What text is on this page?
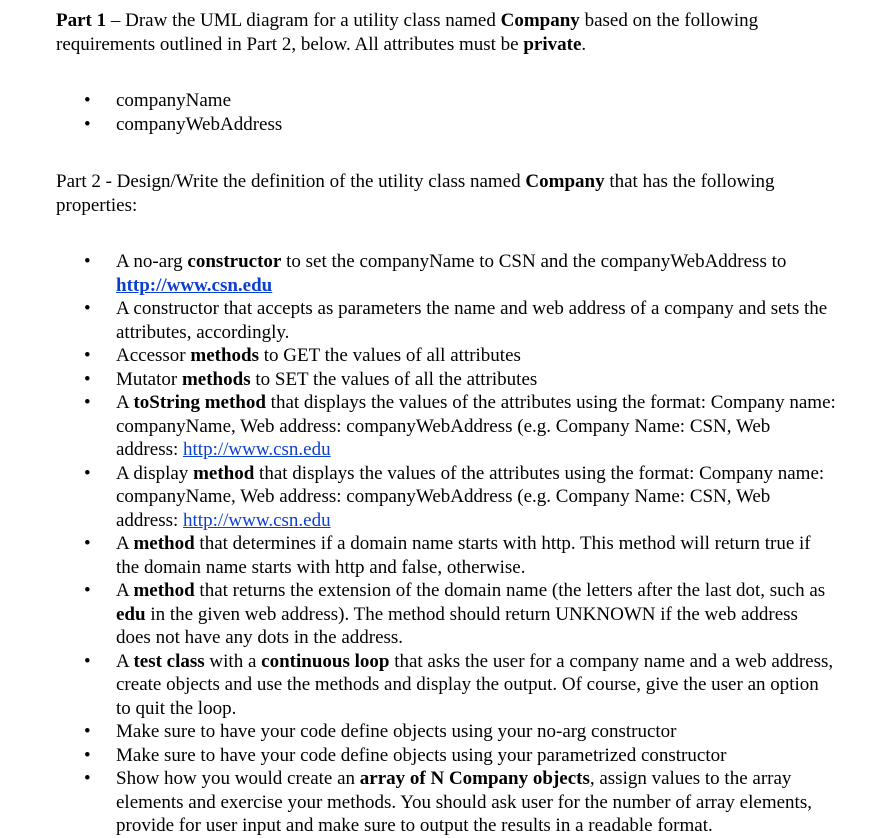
Part 1 – Draw the UML diagram for a utility class named Company based on the following requirements outlined in Part 2, below. All attributes must be private.

• companyName
• companyWebAddress

Part 2 - Design/Write the definition of the utility class named Company that has the following properties:

• A no-arg constructor to set the companyName to CSN and the companyWebAddress to http://www.csn.edu
• A constructor that accepts as parameters the name and web address of a company and sets the attributes, accordingly.
• Accessor methods to GET the values of all attributes
• Mutator methods to SET the values of all the attributes
• A toString method that displays the values of the attributes using the format: Company name: companyName, Web address: companyWebAddress (e.g. Company Name: CSN, Web address: http://www.csn.edu
• A display method that displays the values of the attributes using the format: Company name: companyName, Web address: companyWebAddress (e.g. Company Name: CSN, Web address: http://www.csn.edu
• A method that determines if a domain name starts with http. This method will return true if the domain name starts with http and false, otherwise.
• A method that returns the extension of the domain name (the letters after the last dot, such as edu in the given web address). The method should return UNKNOWN if the web address does not have any dots in the address.
• A test class with a continuous loop that asks the user for a company name and a web address, create objects and use the methods and display the output. Of course, give the user an option to quit the loop.
• Make sure to have your code define objects using your no-arg constructor
• Make sure to have your code define objects using your parametrized constructor
• Show how you would create an array of N Company objects, assign values to the array elements and exercise your methods. You should ask user for the number of array elements, provide for user input and make sure to output the results in a readable format.
